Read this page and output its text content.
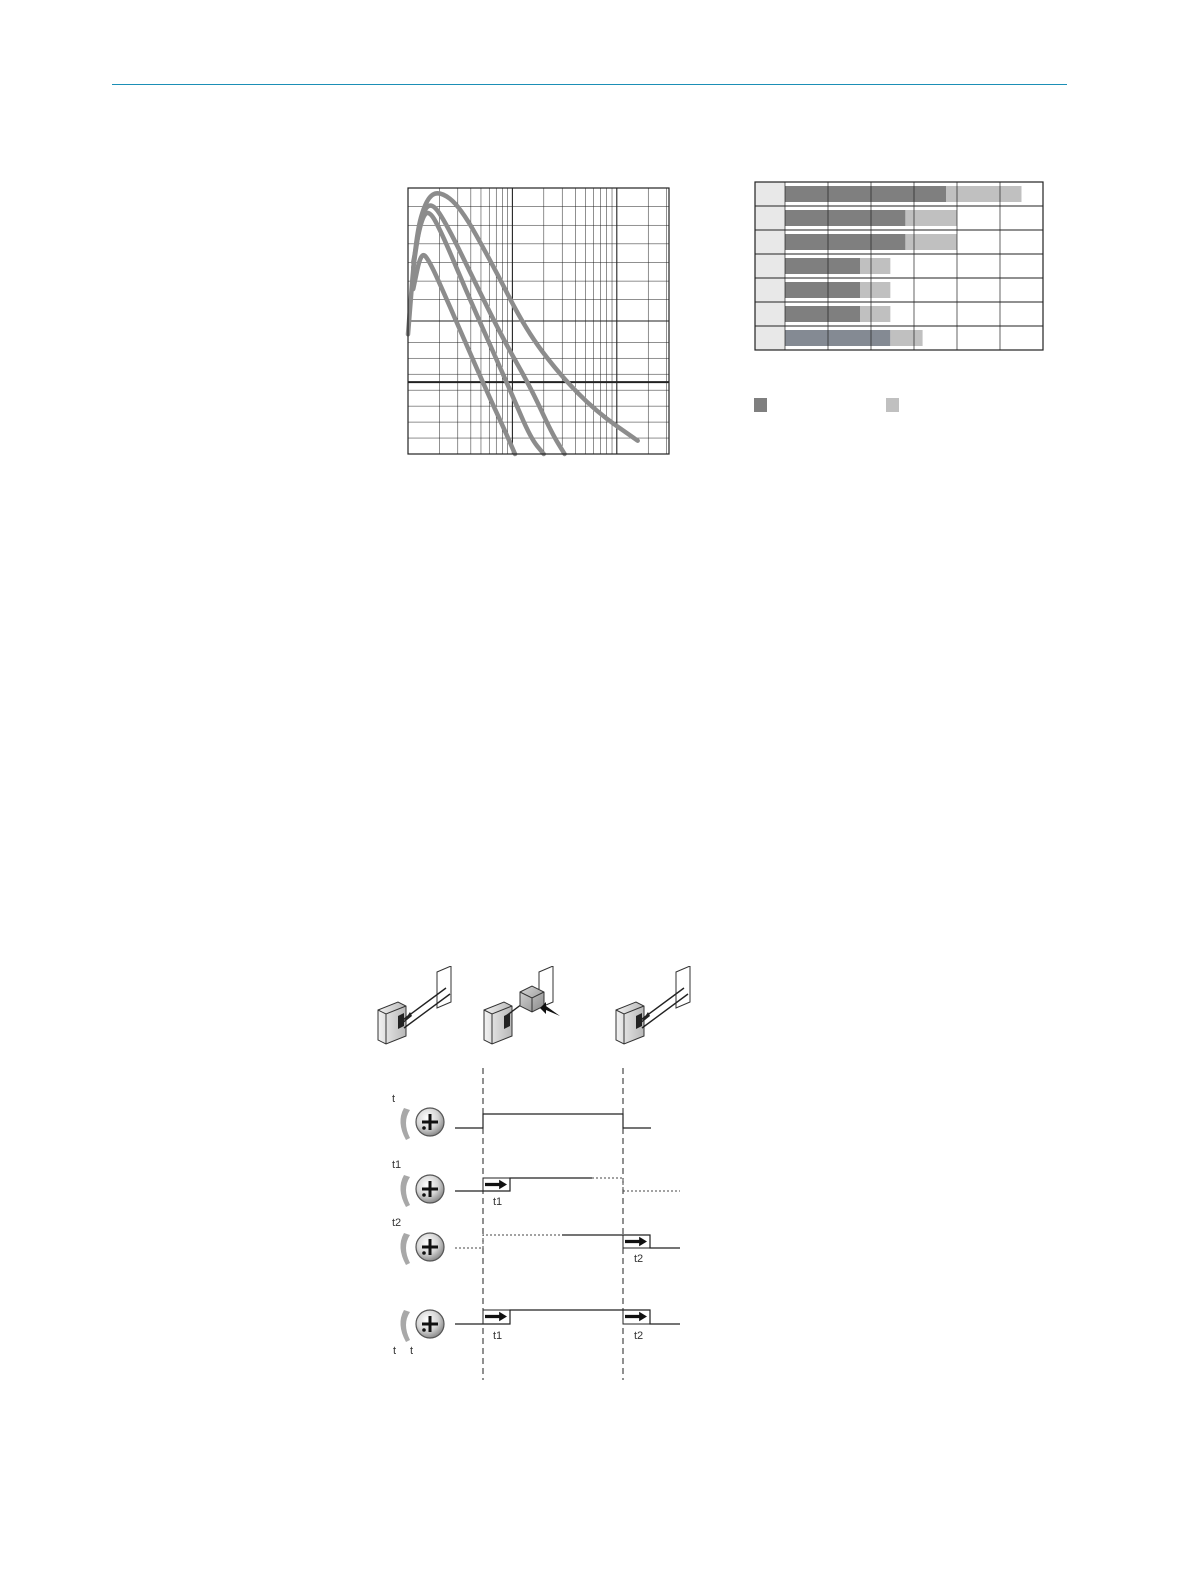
t
t1
t1
t2
t2
t1	t2
t t
